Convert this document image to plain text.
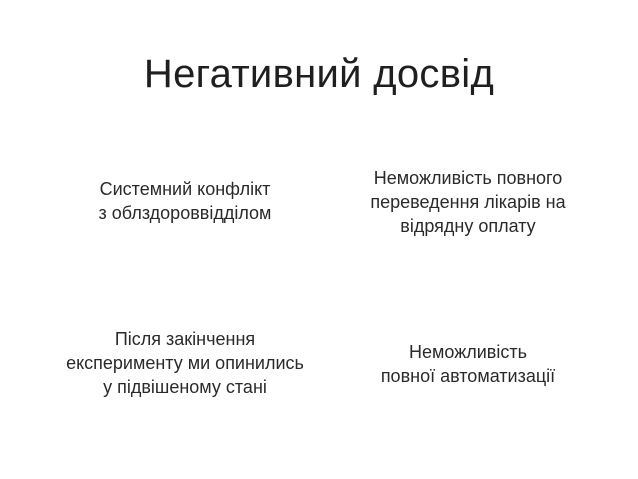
Негативний досвід
Системний конфлікт
з облздороввідділом
Неможливість повного
переведення лікарів на
відрядну оплату
Після закінчення
експерименту ми опинились
у підвішеному стані
Неможливість
повної автоматизації
